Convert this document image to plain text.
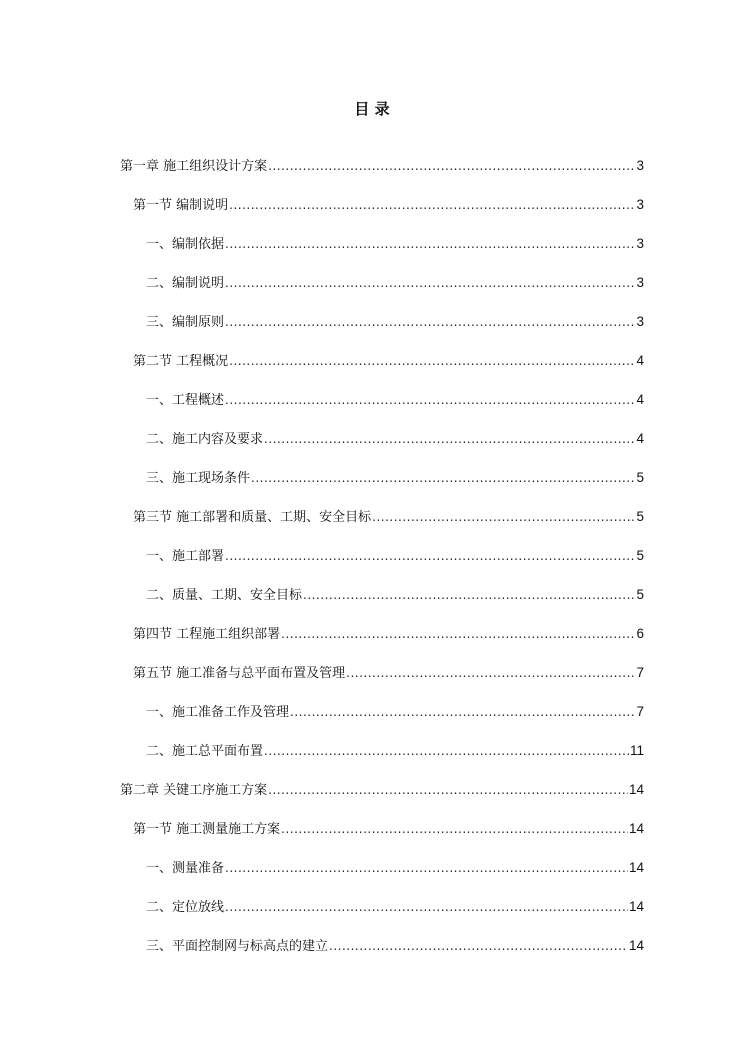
目 录
第一章 施工组织设计方案 .....	3
第一节 编制说明 .....	3
一、编制依据 .....	3
二、编制说明 .....	3
三、编制原则 .....	3
第二节 工程概况 .....	4
一、工程概述 .....	4
二、施工内容及要求 .....	4
三、施工现场条件 .....	5
第三节 施工部署和质量、工期、安全目标 .....	5
一、施工部署 .....	5
二、质量、工期、安全目标 .....	5
第四节 工程施工组织部署 .....	6
第五节 施工准备与总平面布置及管理 .....	7
一、施工准备工作及管理 .....	7
二、施工总平面布置 .....	11
第二章 关键工序施工方案 .....	14
第一节 施工测量施工方案 .....	14
一、测量准备 .....	14
二、定位放线 .....	14
三、平面控制网与标高点的建立 .....	14
